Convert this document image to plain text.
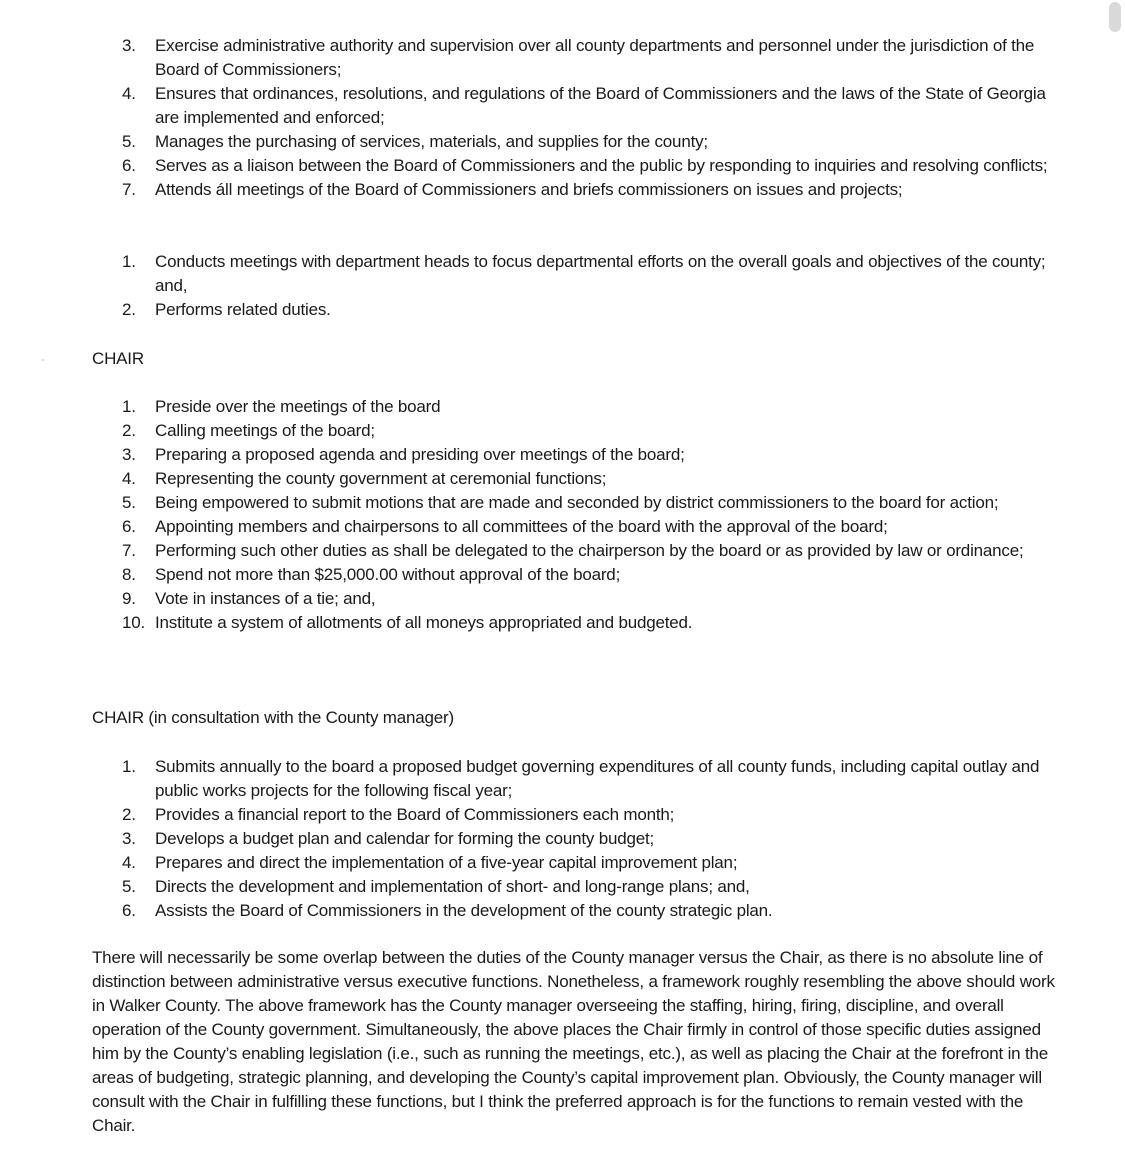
3. Exercise administrative authority and supervision over all county departments and personnel under the jurisdiction of the Board of Commissioners;
4. Ensures that ordinances, resolutions, and regulations of the Board of Commissioners and the laws of the State of Georgia are implemented and enforced;
5. Manages the purchasing of services, materials, and supplies for the county;
6. Serves as a liaison between the Board of Commissioners and the public by responding to inquiries and resolving conflicts;
7. Attends áll meetings of the Board of Commissioners and briefs commissioners on issues and projects;
1. Conducts meetings with department heads to focus departmental efforts on the overall goals and objectives of the county; and,
2. Performs related duties.
CHAIR
1. Preside over the meetings of the board
2. Calling meetings of the board;
3. Preparing a proposed agenda and presiding over meetings of the board;
4. Representing the county government at ceremonial functions;
5. Being empowered to submit motions that are made and seconded by district commissioners to the board for action;
6. Appointing members and chairpersons to all committees of the board with the approval of the board;
7. Performing such other duties as shall be delegated to the chairperson by the board or as provided by law or ordinance;
8. Spend not more than $25,000.00 without approval of the board;
9. Vote in instances of a tie; and,
10. Institute a system of allotments of all moneys appropriated and budgeted.
CHAIR (in consultation with the County manager)
1. Submits annually to the board a proposed budget governing expenditures of all county funds, including capital outlay and public works projects for the following fiscal year;
2. Provides a financial report to the Board of Commissioners each month;
3. Develops a budget plan and calendar for forming the county budget;
4. Prepares and direct the implementation of a five-year capital improvement plan;
5. Directs the development and implementation of short- and long-range plans; and,
6. Assists the Board of Commissioners in the development of the county strategic plan.

There will necessarily be some overlap between the duties of the County manager versus the Chair, as there is no absolute line of distinction between administrative versus executive functions. Nonetheless, a framework roughly resembling the above should work in Walker County. The above framework has the County manager overseeing the staffing, hiring, firing, discipline, and overall operation of the County government. Simultaneously, the above places the Chair firmly in control of those specific duties assigned him by the County’s enabling legislation (i.e., such as running the meetings, etc.), as well as placing the Chair at the forefront in the areas of budgeting, strategic planning, and developing the County’s capital improvement plan. Obviously, the County manager will consult with the Chair in fulfilling these functions, but I think the preferred approach is for the functions to remain vested with the Chair.
